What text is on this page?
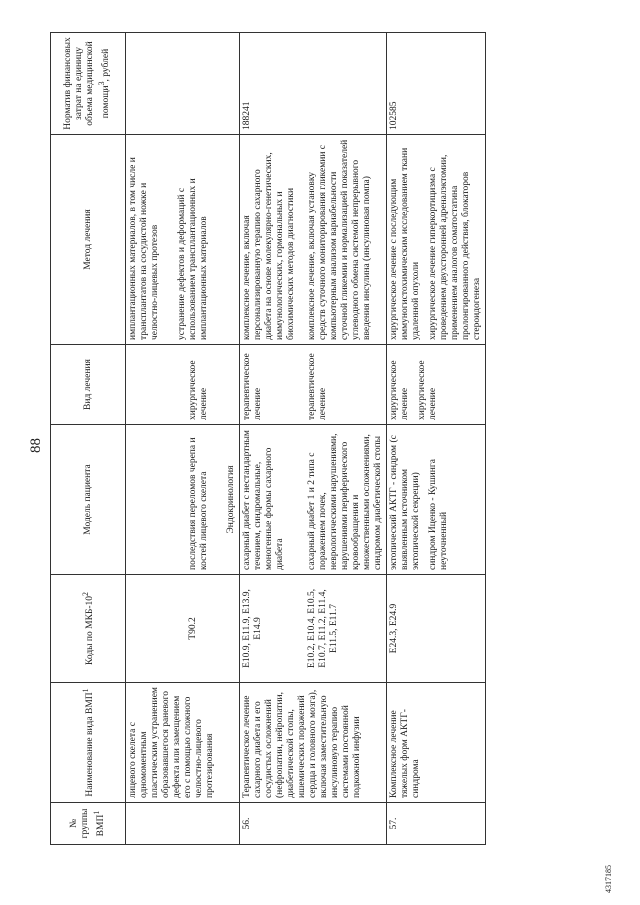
88
№ группы ВМП$^1$	Наименование вида ВМП$^1$	Коды по МКБ-$10^2$	Модель пациента	Вид лечения	Метод лечения	Норматив финансовых затрат на единицу объема медицинской помощи$^3$, рублей
	лицевого скелета с одномоментным пластическим устранением образовавшегося раневого дефекта или замещением его с помощью сложного челюстно-лицевого протезирования	Т90.2	последствия переломов черепа и костей лицевого скелета Эндокринология	хирургическое лечение	имплантационных материалов, в том числе и трансплантатов на сосудистой ножке и челюстно-лицевых протезов устранение дефектов и деформаций с использованием трансплантационных и имплантационных материалов	

56.	Терапевтическое лечение сахарного диабета и его сосудистых осложнений (нефропатии, нейропатии, диабетической стопы, ишемических поражений сердца и головного мозга), включая заместительную инсулиновую терапию системами постоянной подкожной инфузии	E10.9, E11.9, E13.9, E14.9	сахарный диабет с нестандартным течением, синдромальные, моногенные формы сахарного диабета	терапевтическое лечение	комплексное лечение, включая персонализированную терапию сахарного диабета на основе молекулярно-генетических, иммунологических, гормональных и биохимических методов диагностики	188241
		E10.2, E10.4, E10.5, E10.7, E11.2, E11.4, E11.5, E11.7	сахарный диабет 1 и 2 типа с поражением почек, неврологическими нарушениями, нарушениями периферического кровообращения и множественными осложнениями, синдромом диабетической стопы	терапевтическое лечение	комплексное лечение, включая установку средств суточного мониторирования гликемии с компьютерным анализом вариабельности суточной гликемии и нормализацией показателей углеводного обмена системой непрерывного введения инсулина (инсулиновая помпа)	
57.	Комплексное лечение тяжелых форм АКТГ-синдрома	E24.3, E24.9	эктопический АКТГ - синдром (с выявленным источником эктопической секреции) синдром Иценко - Кушинга неуточненный	хирургическое лечение хирургическое лечение	хирургическое лечение с последующим иммуногистохимическим исследованием ткани удаленной опухоли хирургическое лечение гиперкортицизма с проведением двухсторонней адреналэктомии, применением аналогов соматостатина пролонгированного действия, блокаторов стероидогенеза	102585
4317185
